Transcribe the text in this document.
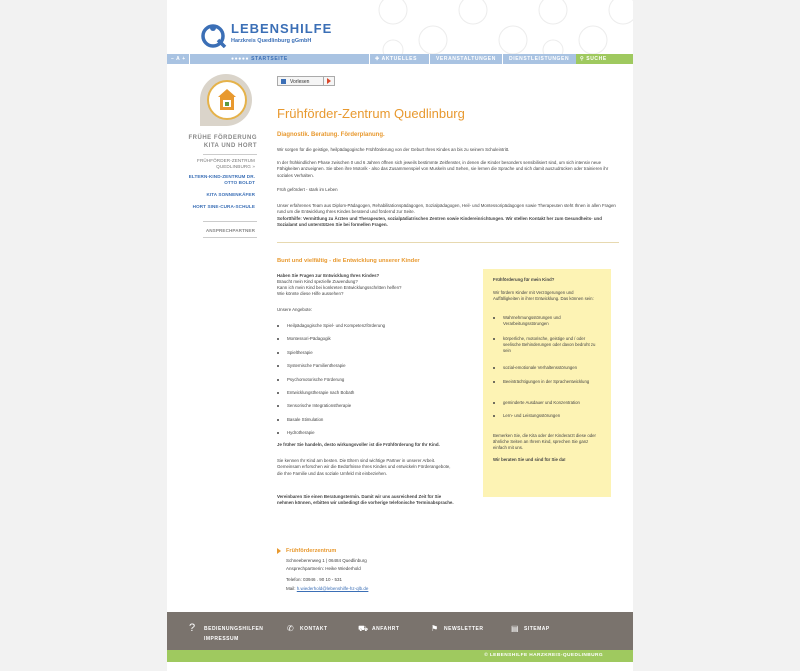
LEBENSHILFE
Harzkreis Quedlinburg gGmbH
– A +	●●●●● STARTSEITE	✚ AKTUELLES	VERANSTALTUNGEN	DIENSTLEISTUNGEN ⚲ SUCHE
FRÜHE FÖRDERUNG
KITA UND HORT
FRÜHFÖRDER-ZENTRUM QUEDLINBURG »
ELTERN-KIND-ZENTRUM DR. OTTO BOLDT
KITA SONNENKÄFER
HORT SINE-CURA-SCHULE
ANSPRECHPARTNER
Vorlesen
Frühförder-Zentrum Quedlinburg
Diagnostik. Beratung. Förderplanung.
Wir sorgen für die geistige, heilpädagogische Frühförderung von der Geburt Ihres Kindes an bis zu seinem Schuleintritt.
In der frühkindlichen Phase zwischen 0 und 6 Jahren öffnen sich jeweils bestimmte Zeitfenster, in denen die Kinder besonders sensibilisiert sind, um sich intensiv neue Fähigkeiten anzueignen. Sie üben ihre Motorik - also das Zusammenspiel von Muskeln und Sehen, sie lernen die Sprache und sich damit auszudrücken oder trainieren ihr soziales Verhalten.
Früh gefördert - stark im Leben
Unser erfahrenes Team aus Diplom-Pädagogen, Rehabilitationspädagogen, Sozialpädagogen, Heil- und Montessoripädagogen sowie Therapeuten steht Ihnen in allen Fragen rund um die Entwicklung Ihres Kindes beratend und fördernd zur Seite.
Sofortthilfe: Vermittlung zu Ärzten und Therapeuten, sozialpädiatrischen Zentren sowie Kindereinrichtungen. Wir stellen Kontakt her zum Gesundheits- und Sozialamt und unterstützen Sie bei formellen Fragen.
Bunt und vielfältig - die Entwicklung unserer Kinder
Haben Sie Fragen zur Entwicklung Ihres Kindes?
Braucht mein Kind spezielle Zuwendung?
Kann ich mein Kind bei konkreten Entwicklungsschritten helfen?
Wie könnte diese Hilfe aussehen?
Unsere Angebote:
Heilpädagogische Spiel- und Kompetenzförderung
Montessori-Pädagogik
Spieltherapie
Systemische Familientherapie
Psychomotorische Förderung
Entwicklungstherapie nach Bobath
Sensorische Integrationstherapie
Basale Stimulation
Hydrotherapie
Je früher Sie handeln, desto wirkungsvoller ist die Frühförderung für Ihr Kind.
Sie kennen Ihr Kind am besten. Die Eltern sind wichtige Partner in unserer Arbeit. Gemeinsam erforschen wir die Bedürfnisse Ihres Kindes und entwickeln Förderangebote, die Ihre Familie und das soziale Umfeld mit einbeziehen.
Vereinbaren Sie einen Beratungstermin. Damit wir uns ausreichend Zeit für Sie nehmen können, erbitten wir unbedingt die vorherige telefonische Terminabsprache.
Frühförderung für mein Kind?
Wir fördern Kinder mit Verzögerungen und Auffälligkeiten in ihrer Entwicklung. Das können sein:
Wahrnehmungsstörungen und Verarbeitungsstörungen
körperliche, motorische, geistige und / oder seelische Behinderungen oder davon bedroht zu sein
sozial-emotionale Verhaltensstörungen
Beeinträchtigungen in der Sprachentwicklung
geminderte Ausdauer und Konzentration
Lern- und Leistungsstörungen
Bemerken Sie, die Kita oder der Kinderarzt diese oder ähnliche Seiten an Ihrem Kind, sprechen Sie ganz einfach mit uns.
Wir beraten Sie und sind für Sie da!
Frühförderzentrum
Schneeberenweg 1 | 06484 Quedlinburg
Ansprechpartnerin: Heike Wiederhold
Telefon: 03946 . 90 10 - 531
Mail: h.wiederhold@lebenshilfe-hz-qlb.de
? BEDIENUNGSHILFEN
IMPRESSUM
✆ KONTAKT	⛟ ANFAHRT	⚑ NEWSLETTER	▤ SITEMAP
© LEBENSHILFE HARZKREIS-QUEDLINBURG
